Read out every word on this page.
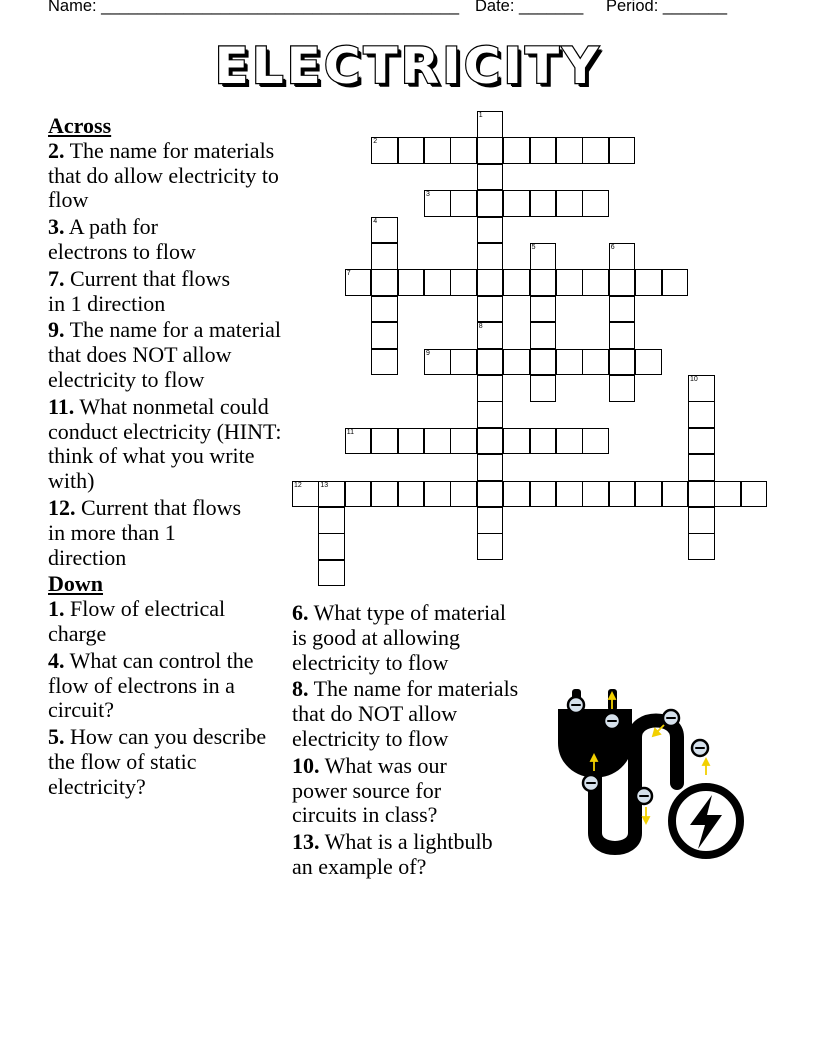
Name: _______________________________________ Date: _______ Period: _______
ELECTRICITY

Across

2. The name for materials that do allow electricity to flow
3. A path for electrons to flow
7. Current that flows in 1 direction
9. The name for a material that does NOT allow electricity to flow
11. What nonmetal could conduct electricity (HINT: think of what you write with)
12. Current that flows in more than 1 direction

Down

1. Flow of electrical charge
4. What can control the flow of electrons in a circuit?
5. How can you describe the flow of static electricity?
6. What type of material is good at allowing electricity to flow
8. The name for materials that do NOT allow electricity to flow
10. What was our power source for circuits in class?
13. What is a lightbulb an example of?
1
8
2
3
4
5	6
7
9
10
11
12	13
